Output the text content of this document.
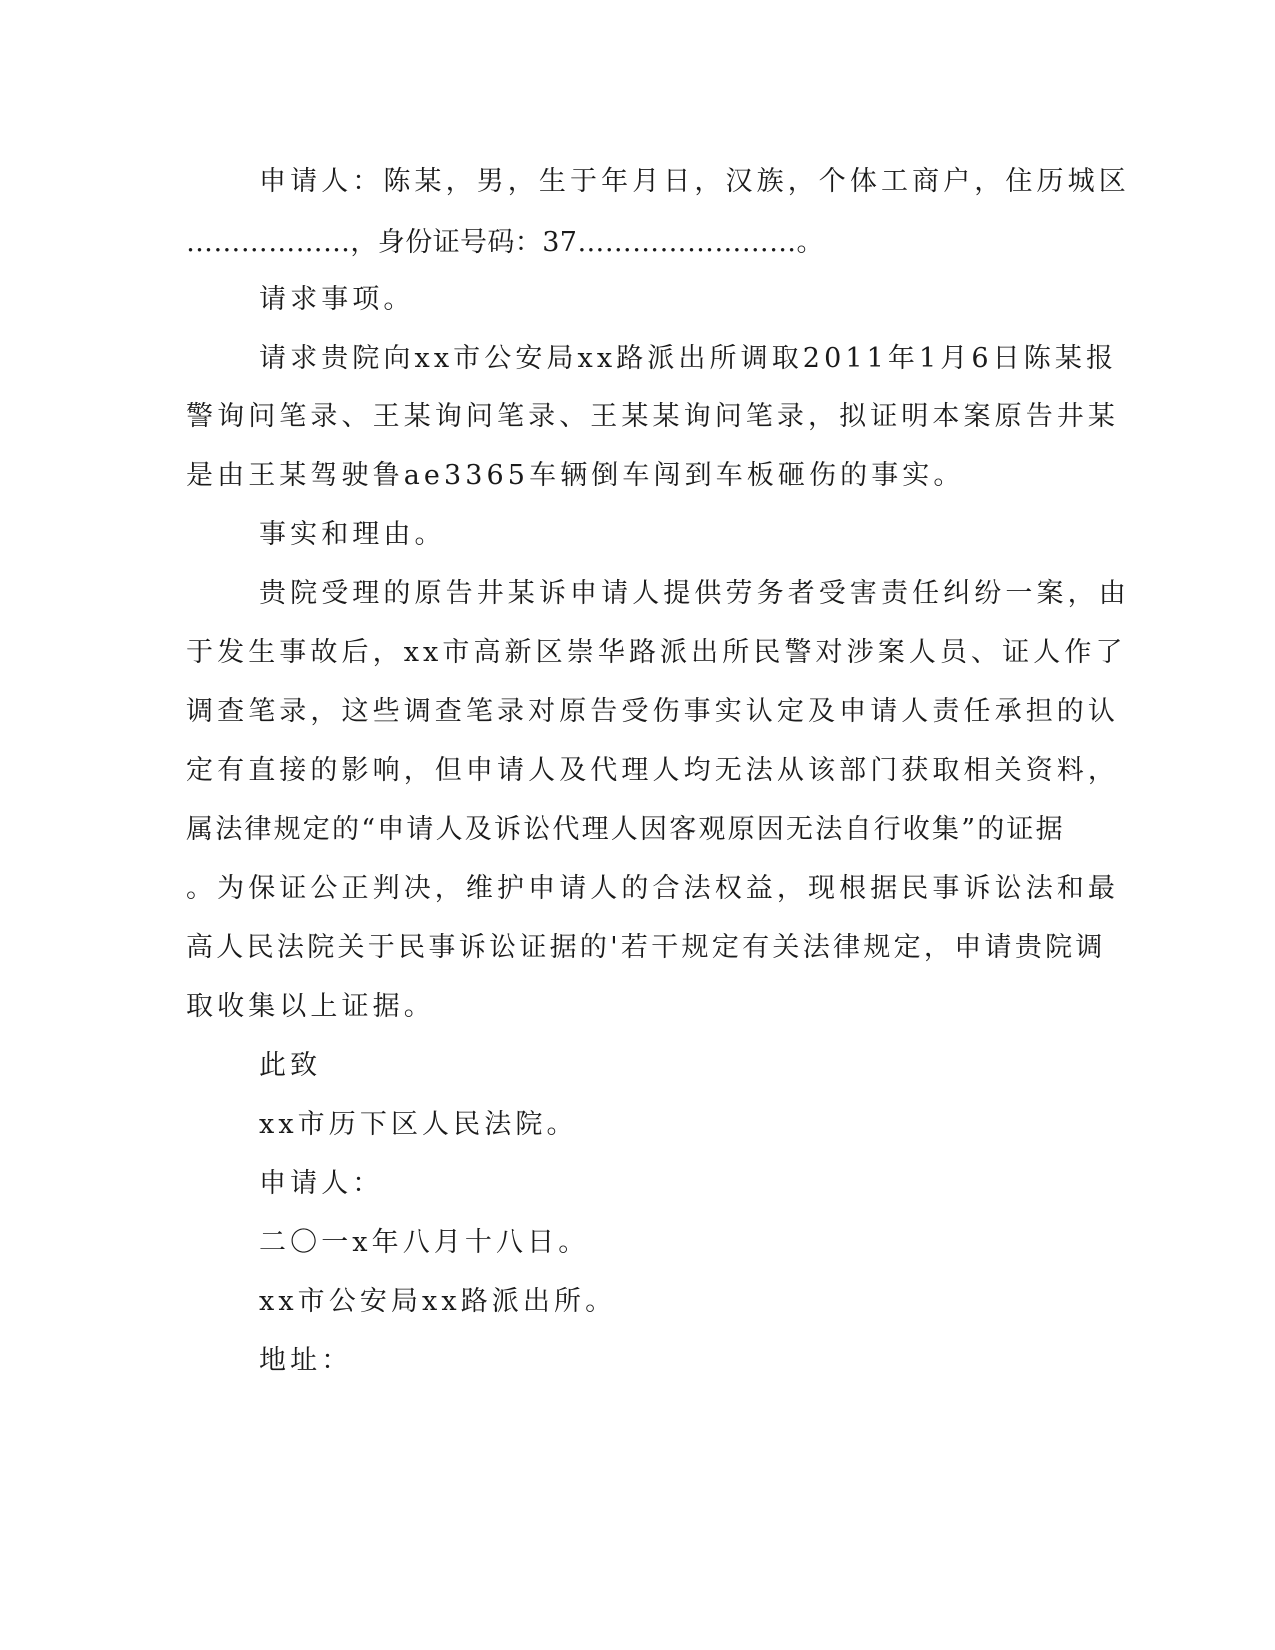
申请人：陈某，男，生于年月日，汉族，个体工商户，住历城区
………………，身份证号码：37……………………。
请求事项。
请求贵院向xx市公安局xx路派出所调取2011年1月6日陈某报
警询问笔录、王某询问笔录、王某某询问笔录，拟证明本案原告井某
是由王某驾驶鲁ae3365车辆倒车闯到车板砸伤的事实。
事实和理由。
贵院受理的原告井某诉申请人提供劳务者受害责任纠纷一案，由
于发生事故后，xx市高新区崇华路派出所民警对涉案人员、证人作了
调查笔录，这些调查笔录对原告受伤事实认定及申请人责任承担的认
定有直接的影响，但申请人及代理人均无法从该部门获取相关资料，
属法律规定的“申请人及诉讼代理人因客观原因无法自行收集”的证据
。为保证公正判决，维护申请人的合法权益，现根据民事诉讼法和最
高人民法院关于民事诉讼证据的'若干规定有关法律规定，申请贵院调
取收集以上证据。
此致
xx市历下区人民法院。
申请人：
二〇一x年八月十八日。
xx市公安局xx路派出所。
地址：
